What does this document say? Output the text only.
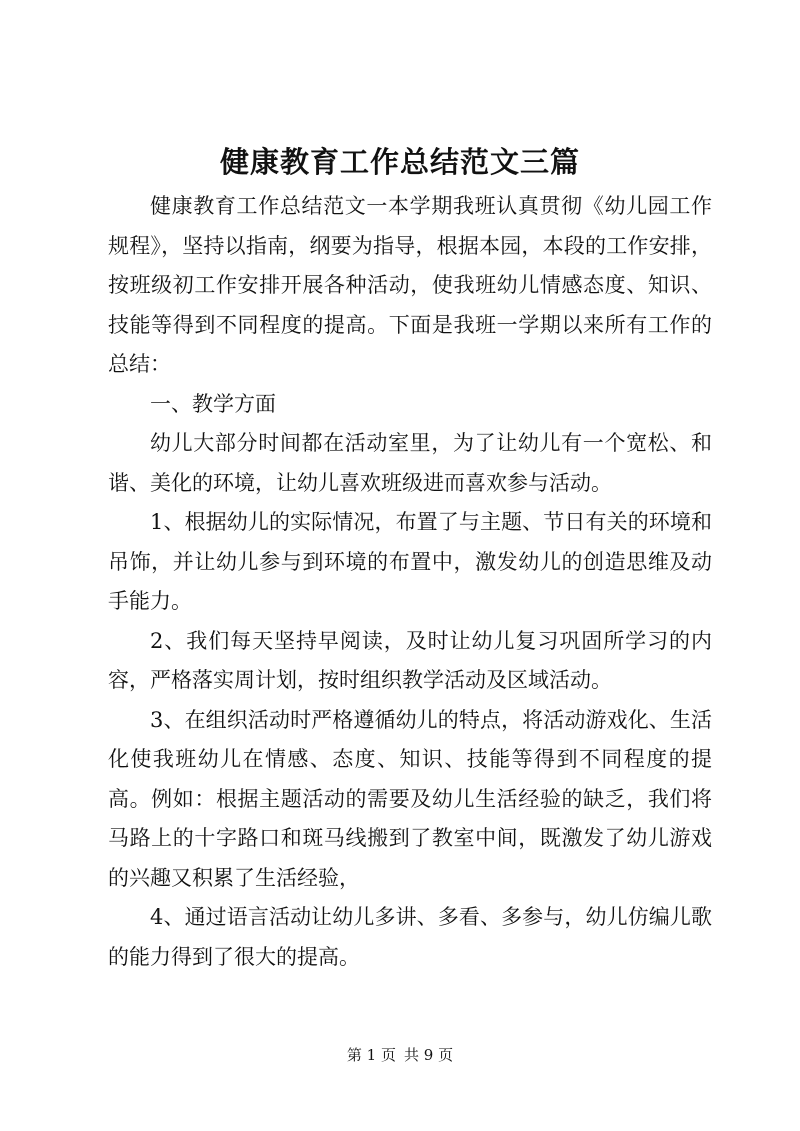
健康教育工作总结范文三篇

健康教育工作总结范文一本学期我班认真贯彻《幼儿园工作规程》，坚持以指南，纲要为指导，根据本园，本段的工作安排，按班级初工作安排开展各种活动，使我班幼儿情感态度、知识、技能等得到不同程度的提高。下面是我班一学期以来所有工作的总结：

一、教学方面

幼儿大部分时间都在活动室里，为了让幼儿有一个宽松、和谐、美化的环境，让幼儿喜欢班级进而喜欢参与活动。

1、根据幼儿的实际情况，布置了与主题、节日有关的环境和吊饰，并让幼儿参与到环境的布置中，激发幼儿的创造思维及动手能力。

2、我们每天坚持早阅读，及时让幼儿复习巩固所学习的内容，严格落实周计划，按时组织教学活动及区域活动。

3、在组织活动时严格遵循幼儿的特点，将活动游戏化、生活化使我班幼儿在情感、态度、知识、技能等得到不同程度的提高。例如：根据主题活动的需要及幼儿生活经验的缺乏，我们将马路上的十字路口和斑马线搬到了教室中间，既激发了幼儿游戏的兴趣又积累了生活经验，

4、通过语言活动让幼儿多讲、多看、多参与，幼儿仿编儿歌的能力得到了很大的提高。

第 1 页 共 9 页
